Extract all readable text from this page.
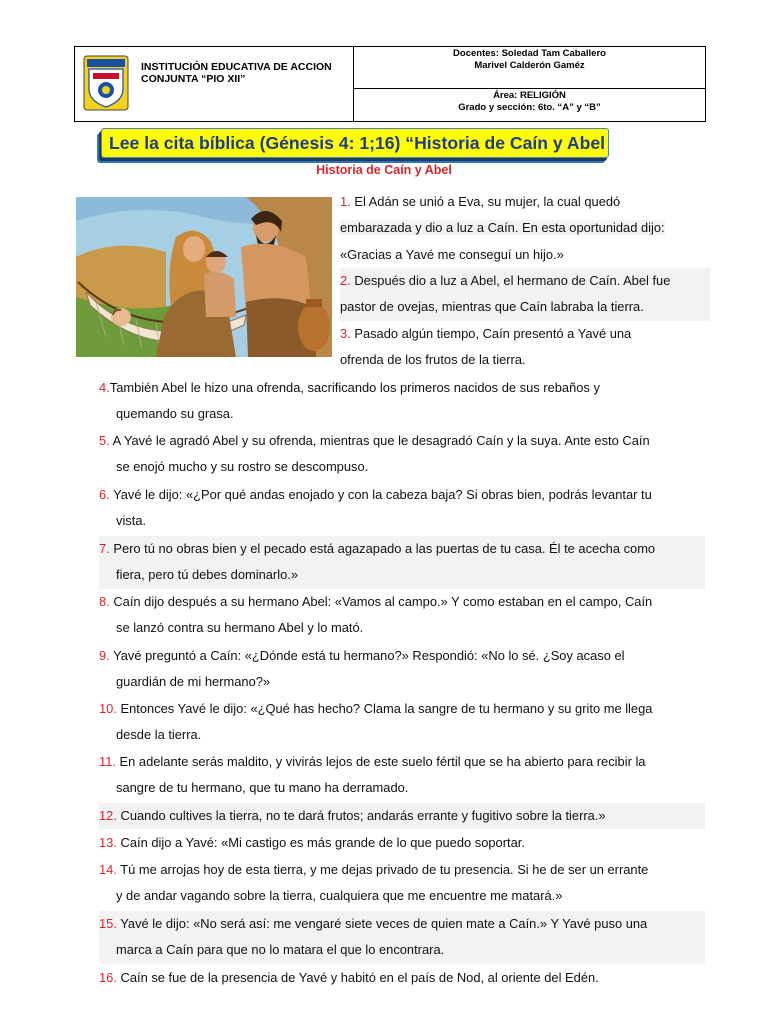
INSTITUCIÓN EDUCATIVA DE ACCION
CONJUNTA “PIO XII”
Docentes: Soledad Tam Caballero
Marivel Calderón Gaméz
Área: RELIGIÓN
Grado y sección: 6to. “A” y “B”
Lee la cita bíblica (Génesis 4: 1;16) “Historia de Caín y Abel
Historia de Caín y Abel
1. El Adán se unió a Eva, su mujer, la cual quedó
embarazada y dio a luz a Caín. En esta oportunidad dijo:
«Gracias a Yavé me conseguí un hijo.»
2. Después dio a luz a Abel, el hermano de Caín. Abel fue
pastor de ovejas, mientras que Caín labraba la tierra.
3. Pasado algún tiempo, Caín presentó a Yavé una
ofrenda de los frutos de la tierra.
4.También Abel le hizo una ofrenda, sacrificando los primeros nacidos de sus rebaños y
quemando su grasa.
5. A Yavé le agradó Abel y su ofrenda, mientras que le desagradó Caín y la suya. Ante esto Caín
se enojó mucho y su rostro se descompuso.
6. Yavé le dijo: «¿Por qué andas enojado y con la cabeza baja? Si obras bien, podrás levantar tu
vista.
7. Pero tú no obras bien y el pecado está agazapado a las puertas de tu casa. Él te acecha como
fiera, pero tú debes dominarlo.»
8. Caín dijo después a su hermano Abel: «Vamos al campo.» Y como estaban en el campo, Caín
se lanzó contra su hermano Abel y lo mató.
9. Yavé preguntó a Caín: «¿Dónde está tu hermano?» Respondió: «No lo sé. ¿Soy acaso el
guardián de mi hermano?»
10. Entonces Yavé le dijo: «¿Qué has hecho? Clama la sangre de tu hermano y su grito me llega
desde la tierra.
11. En adelante serás maldito, y vivirás lejos de este suelo fértil que se ha abierto para recibir la
sangre de tu hermano, que tu mano ha derramado.
12. Cuando cultives la tierra, no te dará frutos; andarás errante y fugitivo sobre la tierra.»
13. Caín dijo a Yavé: «Mi castigo es más grande de lo que puedo soportar.
14. Tú me arrojas hoy de esta tierra, y me dejas privado de tu presencia. Si he de ser un errante
y de andar vagando sobre la tierra, cualquiera que me encuentre me matará.»
15. Yavé le dijo: «No será así: me vengaré siete veces de quien mate a Caín.» Y Yavé puso una
marca a Caín para que no lo matara el que lo encontrara.
16. Caín se fue de la presencia de Yavé y habitó en el país de Nod, al oriente del Edén.
